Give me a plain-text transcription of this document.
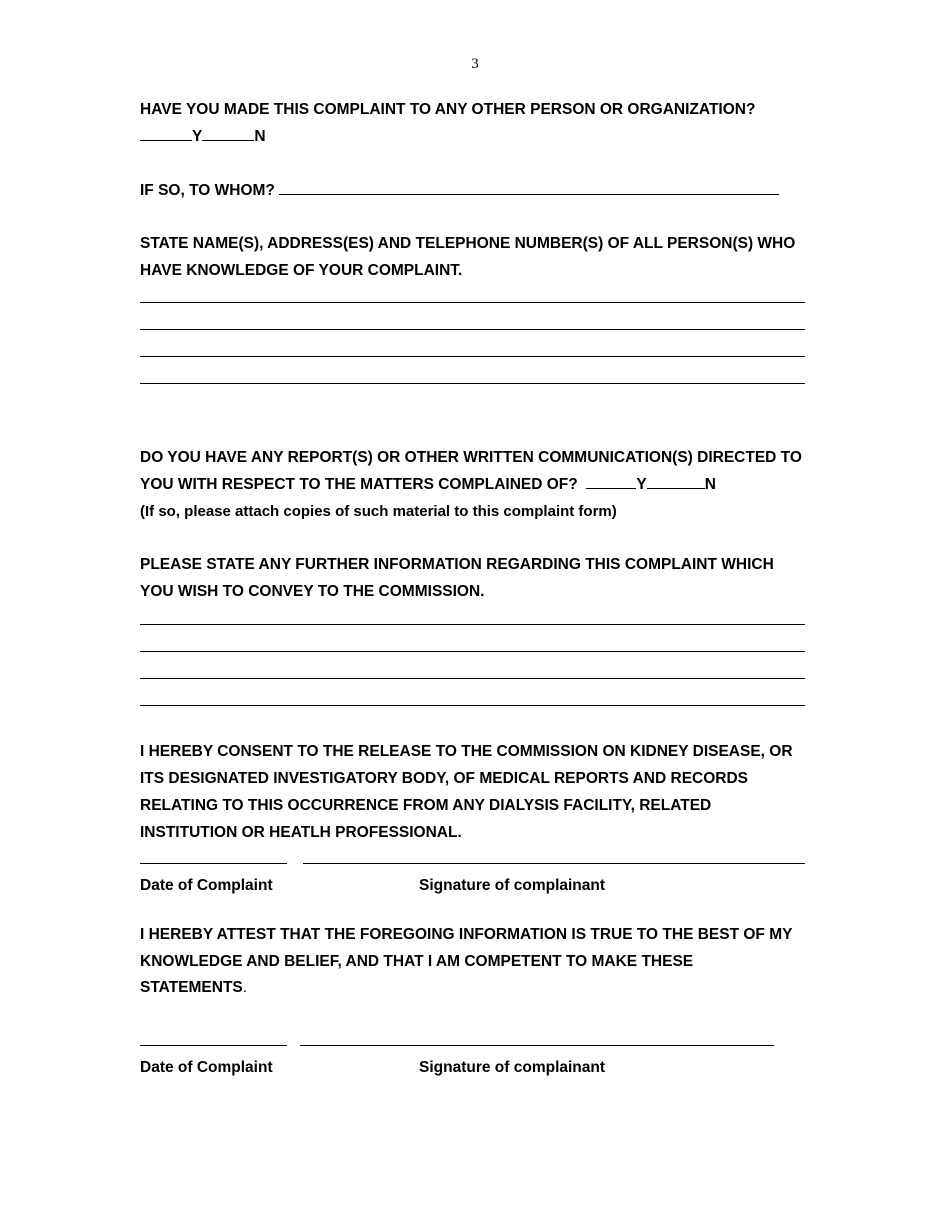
3
HAVE YOU MADE THIS COMPLAINT TO ANY OTHER PERSON OR ORGANIZATION?
Y	N
IF SO, TO WHOM?
STATE NAME(S), ADDRESS(ES) AND TELEPHONE NUMBER(S) OF ALL PERSON(S) WHO
HAVE KNOWLEDGE OF YOUR COMPLAINT.
DO YOU HAVE ANY REPORT(S) OR OTHER WRITTEN COMMUNICATION(S) DIRECTED TO
YOU WITH RESPECT TO THE MATTERS COMPLAINED OF?	Y	N
(If so, please attach copies of such material to this complaint form)
PLEASE STATE ANY FURTHER INFORMATION REGARDING THIS COMPLAINT WHICH
YOU WISH TO CONVEY TO THE COMMISSION.
I HEREBY CONSENT TO THE RELEASE TO THE COMMISSION ON KIDNEY DISEASE, OR
ITS DESIGNATED INVESTIGATORY BODY, OF MEDICAL REPORTS AND RECORDS
RELATING TO THIS OCCURRENCE FROM ANY DIALYSIS FACILITY, RELATED
INSTITUTION OR HEATLH PROFESSIONAL.
Date of Complaint	Signature of complainant
I HEREBY ATTEST THAT THE FOREGOING INFORMATION IS TRUE TO THE BEST OF MY
KNOWLEDGE AND BELIEF, AND THAT I AM COMPETENT TO MAKE THESE
STATEMENTS.
Date of Complaint	Signature of complainant
